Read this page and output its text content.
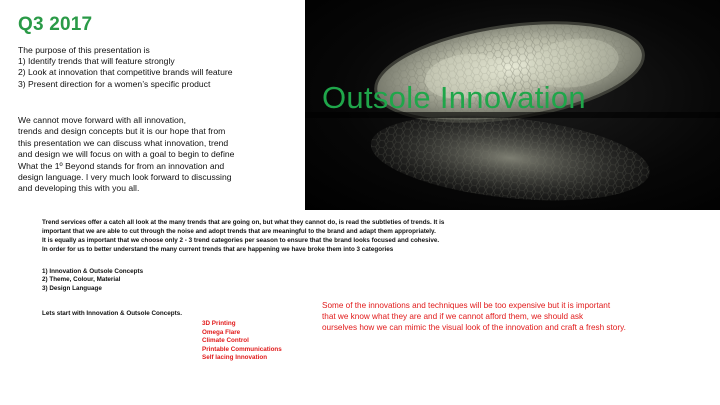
Q3 2017
The purpose of this presentation is
1) Identify trends that will feature strongly
2) Look at innovation that competitive brands will feature
3) Present direction for a women’s specific product
We cannot move forward with all innovation,
trends and design concepts but it is our hope that from
this presentation we can discuss what innovation, trend
and design we will focus on with a goal to begin to define
What the 1º Beyond stands for from an innovation and
design language. I very much look forward to discussing
and developing this with you all.
Outsole Innovation

Trend services offer a catch all look at the many trends that are going on, but what they cannot do, is read the subtleties of trends. It is

important that we are able to cut through the noise and adopt trends that are meaningful to the brand and adapt them appropriately.

It is equally as important that we choose only 2 - 3 trend categories per season to ensure that the brand looks focused and cohesive.

In order for us to better understand the many current trends that are happening we have broke them into 3 categories

1) Innovation & Outsole Concepts
2) Theme, Colour, Material
3) Design Language
Lets start with Innovation & Outsole Concepts.
3D Printing
Omega Flare
Climate Control
Printable Communications
Self lacing Innovation
Some of the innovations and techniques will be too expensive but it is important
that we know what they are and if we cannot afford them, we should ask
ourselves how we can mimic the visual look of the innovation and craft a fresh story.
